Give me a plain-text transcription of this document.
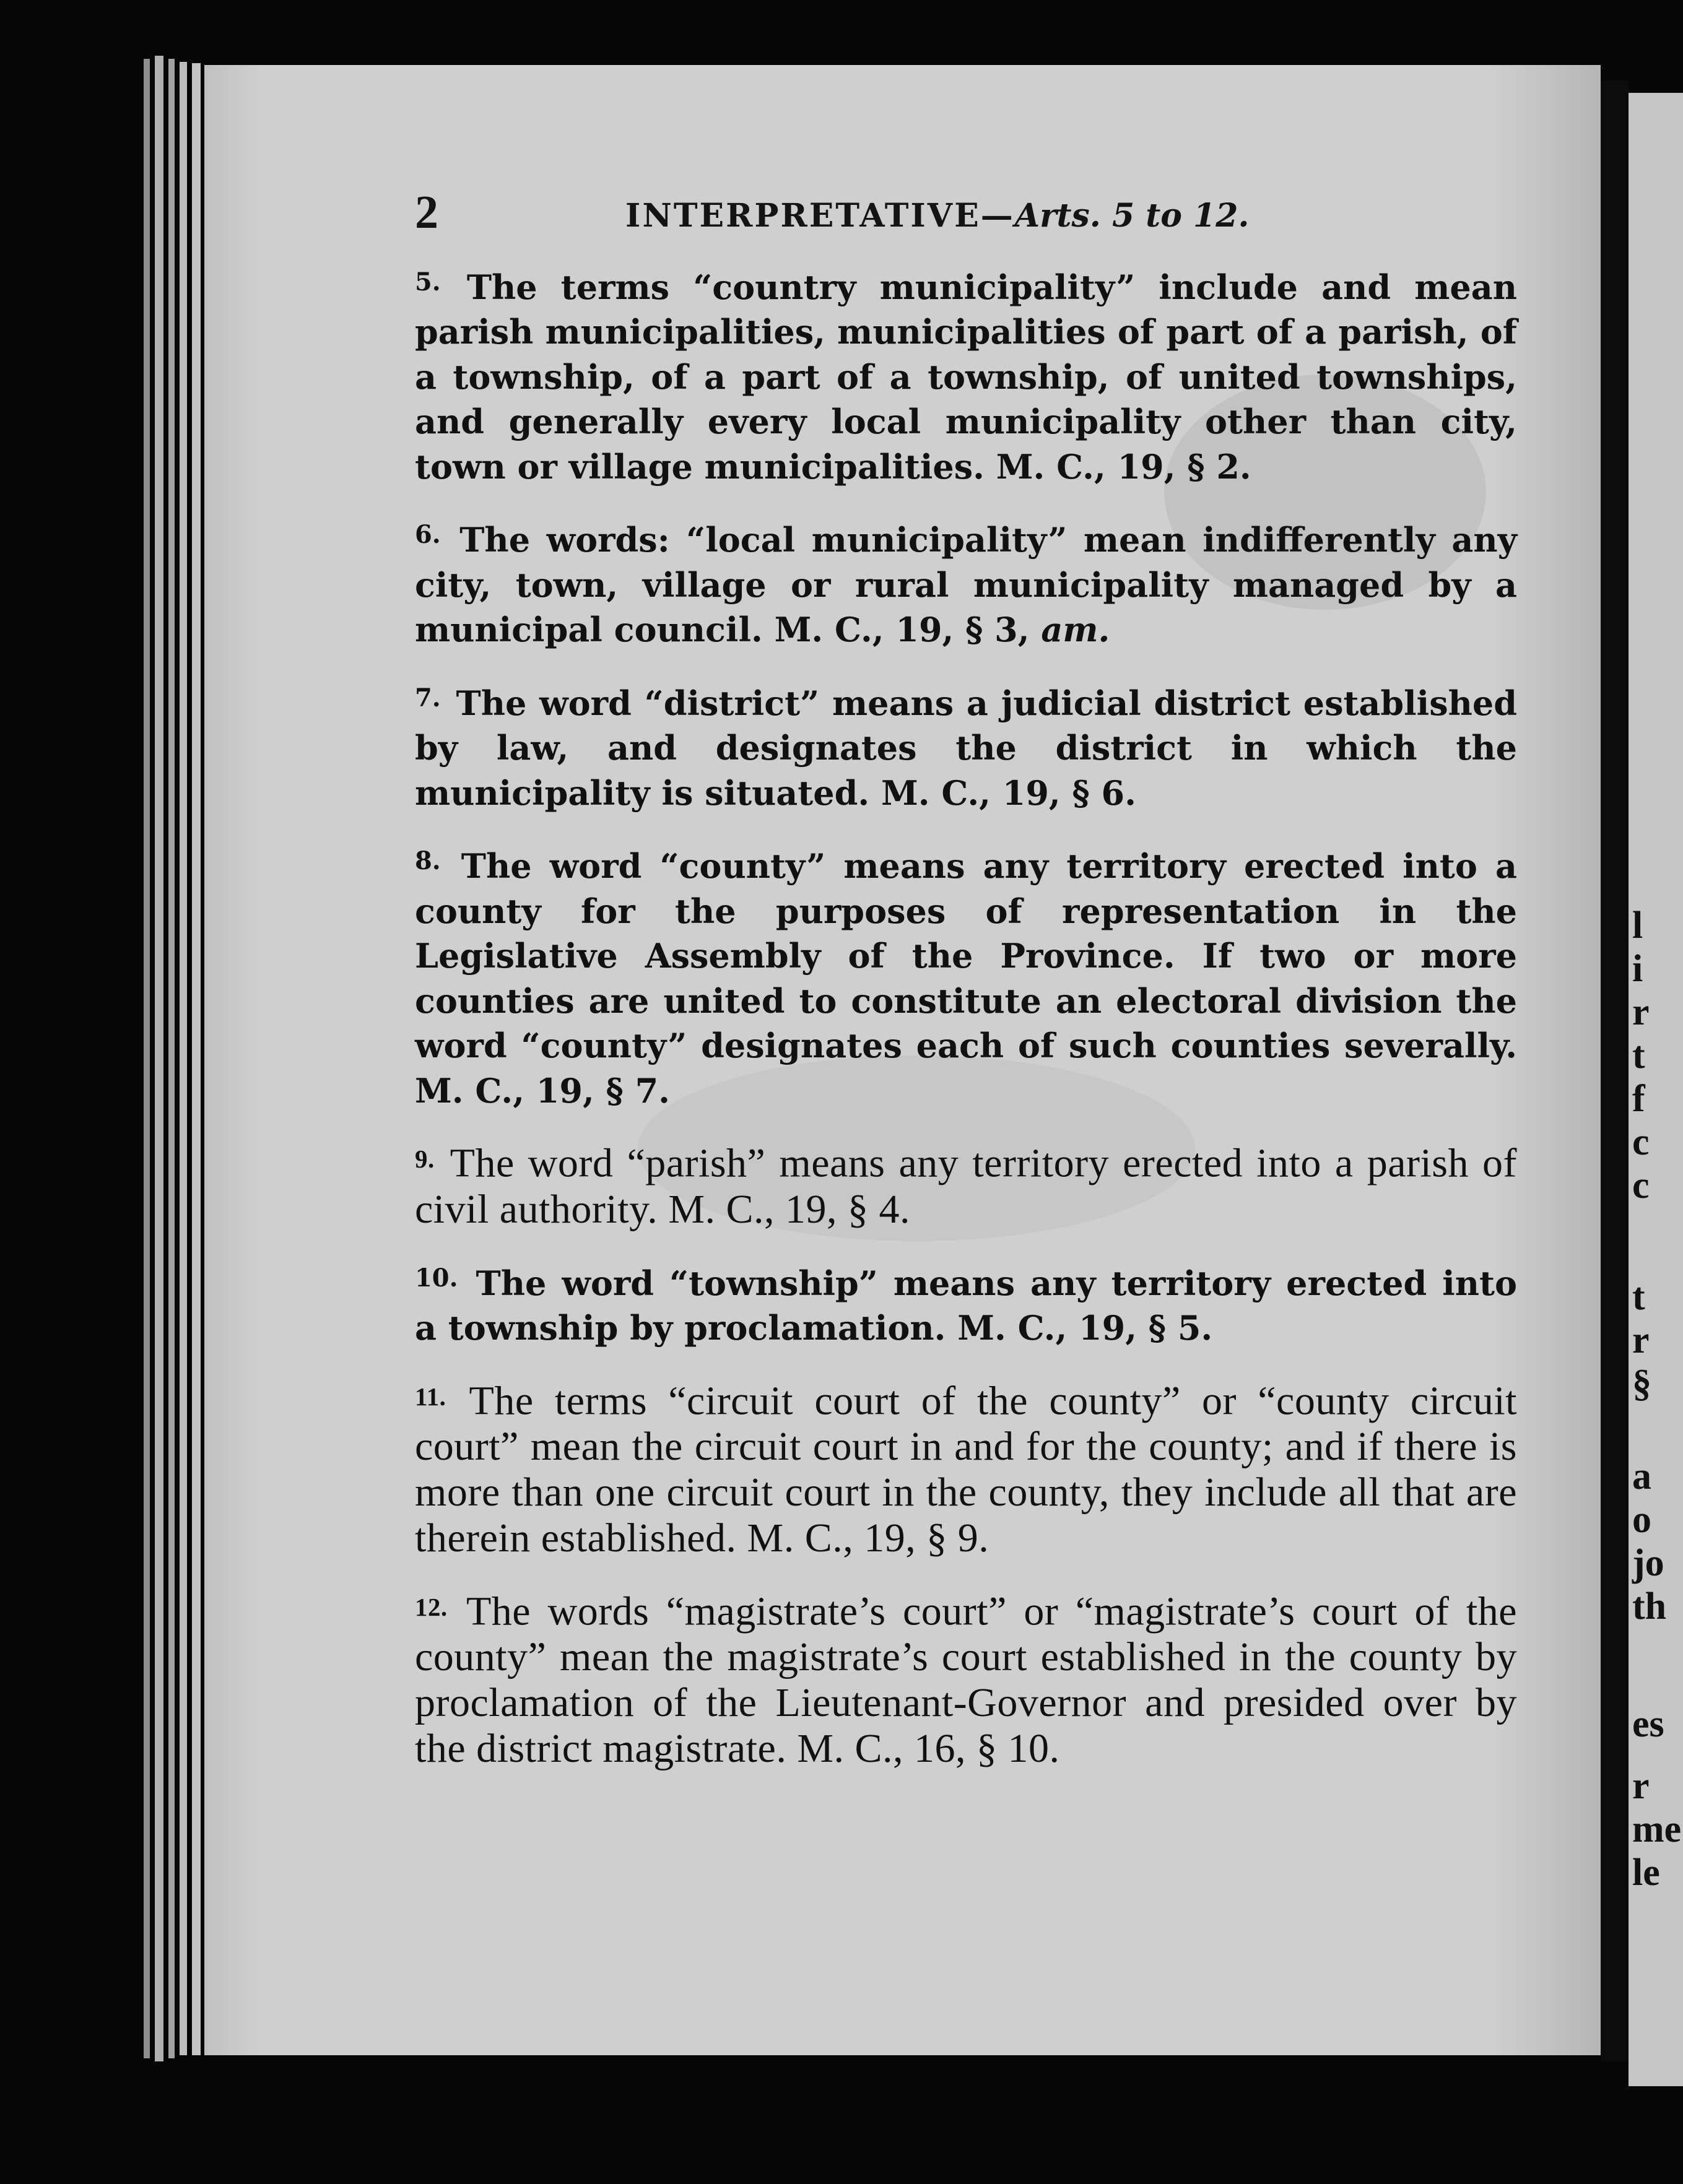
l
i
r
t
f
c
c
t
r
§
a
o
jo
th
es
r
me
le
2	INTERPRETATIVE—Arts. 5 to 12.

$^{5.}$ The terms “country municipality” include and mean parish municipalities, municipalities of part of a parish, of a township, of a part of a township, of united townships, and generally every local municipality other than city, town or village municipalities. M. C., 19, § 2.

$^{6.}$ The words: “local municipality” mean indifferently any city, town, village or rural municipality managed by a municipal council. M. C., 19, § 3, am.

$^{7.}$ The word “district” means a judicial district established by law, and designates the district in which the municipality is situated. M. C., 19, § 6.

$^{8.}$ The word “county” means any territory erected into a county for the purposes of representation in the Legislative Assembly of the Province. If two or more counties are united to constitute an electoral division the word “county” designates each of such counties severally. M. C., 19, § 7.

$^{9.}$ The word “parish” means any territory erected into a parish of civil authority. M. C., 19, § 4.

$^{10.}$ The word “township” means any territory erected into a township by proclamation. M. C., 19, § 5.

$^{11.}$ The terms “circuit court of the county” or “county circuit court” mean the circuit court in and for the county; and if there is more than one circuit court in the county, they include all that are therein established. M. C., 19, § 9.

$^{12.}$ The words “magistrate’s court” or “magistrate’s court of the county” mean the magistrate’s court established in the county by proclamation of the Lieutenant-Governor and presided over by the district magistrate. M. C., 16, § 10.
